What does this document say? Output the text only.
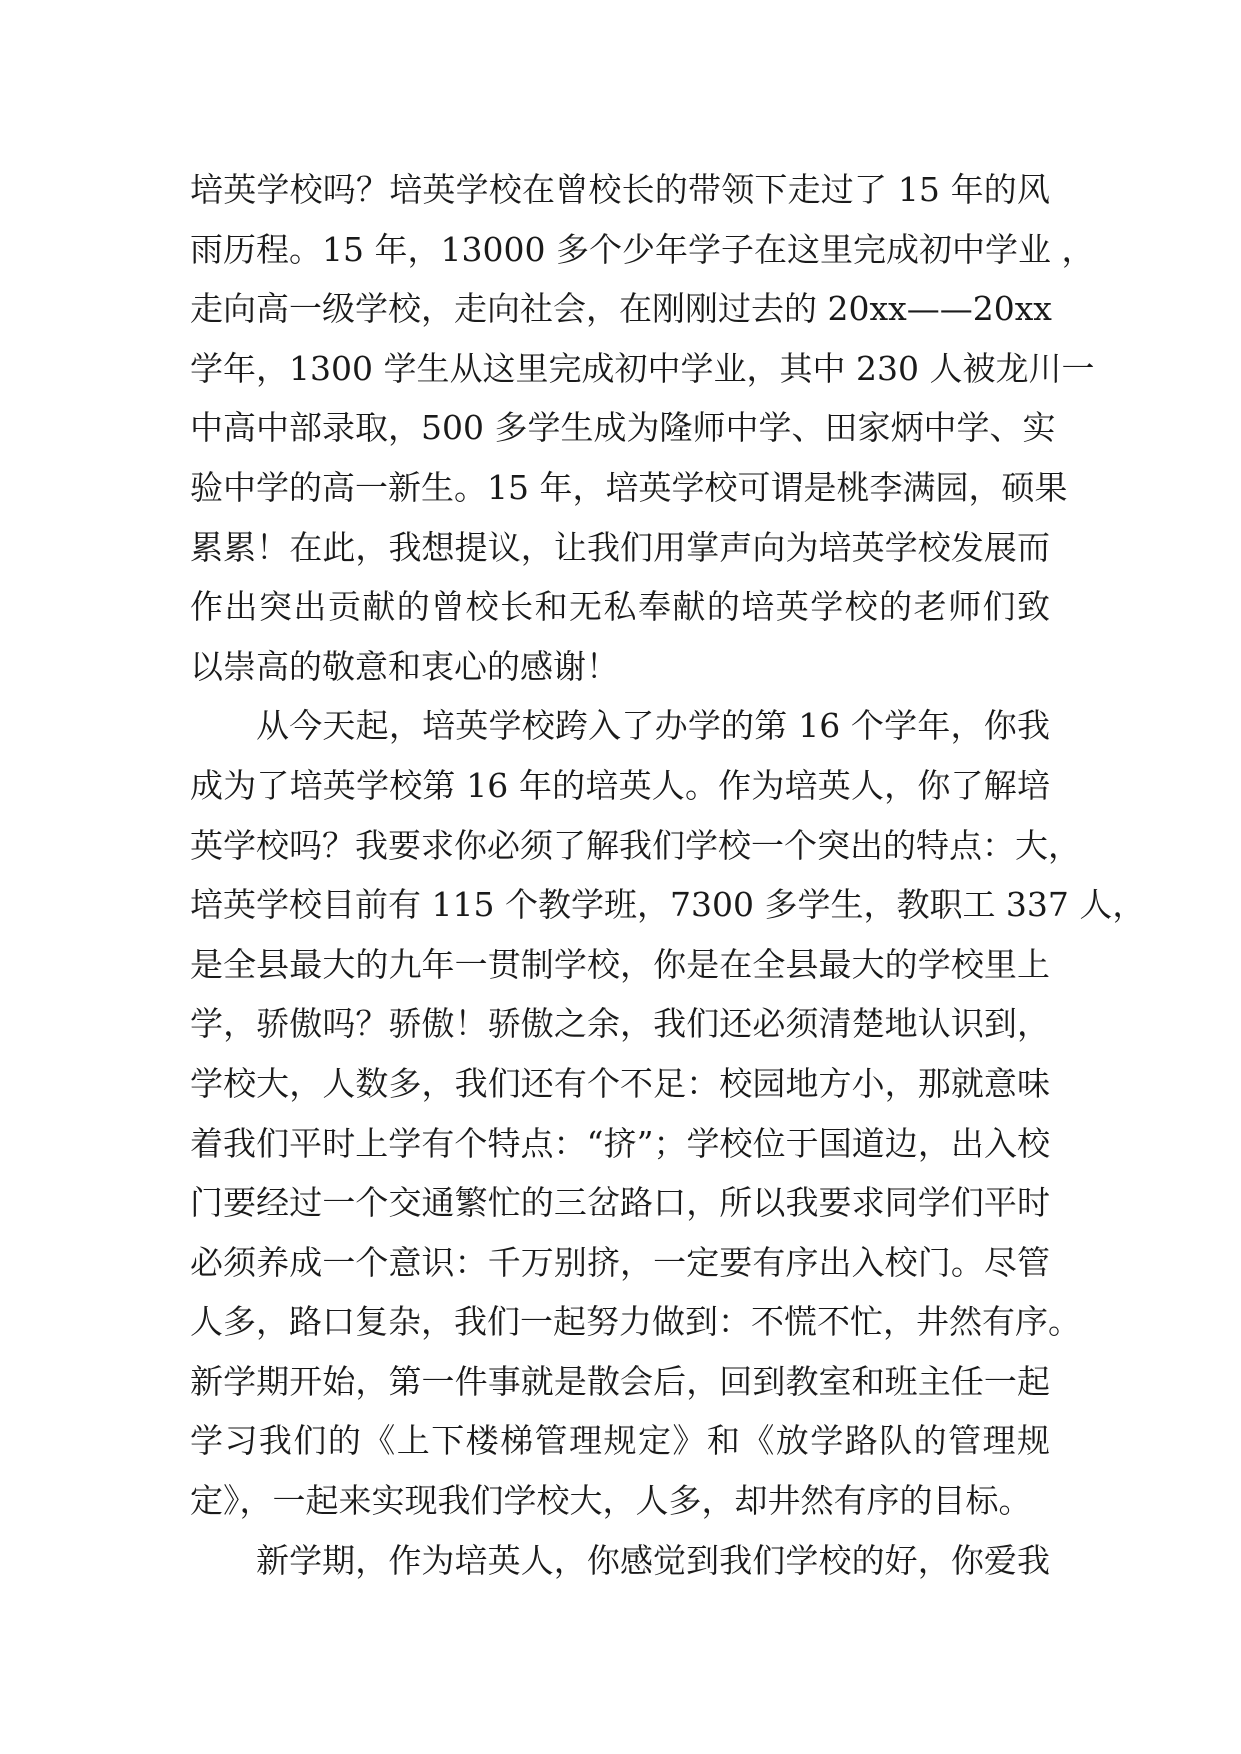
培英学校吗？培英学校在曾校长的带领下走过了 15 年的风
雨历程。15 年，13000 多个少年学子在这里完成初中学业 ，
走向高一级学校，走向社会，在刚刚过去的 20xx——20xx
学年，1300 学生从这里完成初中学业，其中 230 人被龙川一
中高中部录取，500 多学生成为隆师中学、田家炳中学、实
验中学的高一新生。15 年，培英学校可谓是桃李满园，硕果
累累！在此，我想提议，让我们用掌声向为培英学校发展而
作出突出贡献的曾校长和无私奉献的培英学校的老师们致
以崇高的敬意和衷心的感谢！
从今天起，培英学校跨入了办学的第 16 个学年，你我
成为了培英学校第 16 年的培英人。作为培英人，你了解培
英学校吗？我要求你必须了解我们学校一个突出的特点：大，
培英学校目前有 115 个教学班，7300 多学生，教职工 337 人，
是全县最大的九年一贯制学校，你是在全县最大的学校里上
学，骄傲吗？骄傲！骄傲之余，我们还必须清楚地认识到，
学校大，人数多，我们还有个不足：校园地方小，那就意味
着我们平时上学有个特点：“挤”；学校位于国道边，出入校
门要经过一个交通繁忙的三岔路口，所以我要求同学们平时
必须养成一个意识：千万别挤，一定要有序出入校门。尽管
人多，路口复杂，我们一起努力做到：不慌不忙，井然有序。
新学期开始，第一件事就是散会后，回到教室和班主任一起
学习我们的《上下楼梯管理规定》和《放学路队的管理规
定》，一起来实现我们学校大，人多，却井然有序的目标。
新学期，作为培英人，你感觉到我们学校的好，你爱我
